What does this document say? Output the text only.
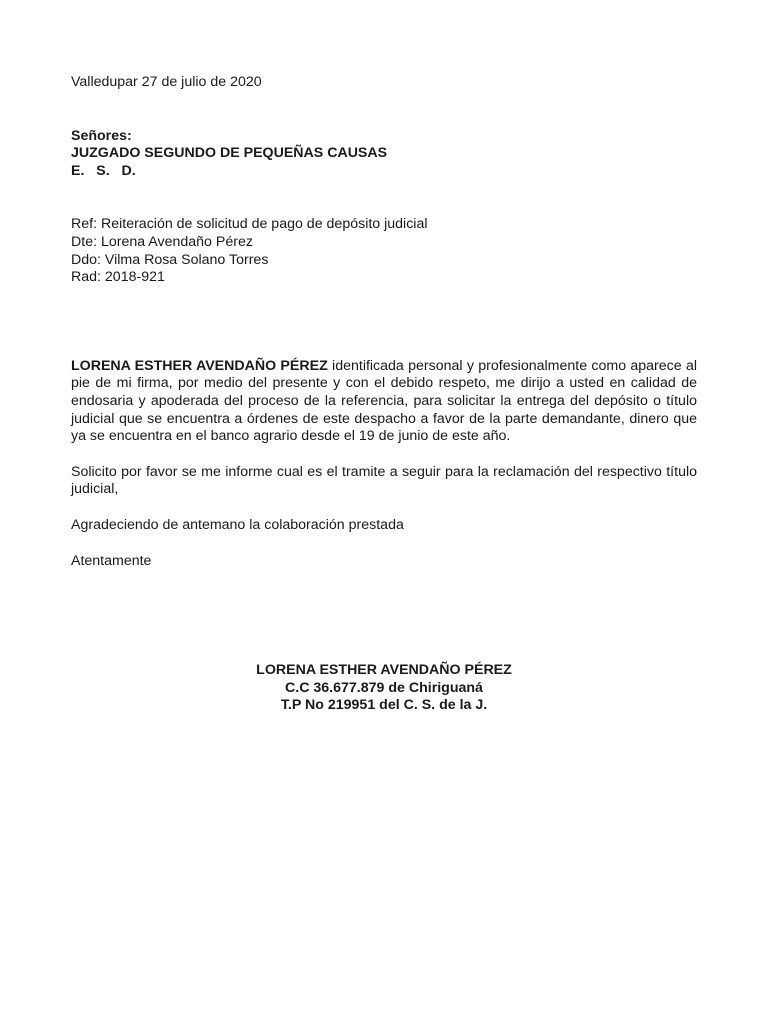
Valledupar 27 de julio de 2020
Señores:
JUZGADO SEGUNDO DE PEQUEÑAS CAUSAS
E.   S.   D.
Ref: Reiteración de solicitud de pago de depósito judicial
Dte: Lorena Avendaño Pérez
Ddo: Vilma Rosa Solano Torres
Rad: 2018-921

LORENA ESTHER AVENDAÑO PÉREZ identificada personal y profesionalmente como aparece al pie de mi firma, por medio del presente y con el debido respeto, me dirijo a usted en calidad de endosaria y apoderada del proceso de la referencia, para solicitar la entrega del depósito o título judicial que se encuentra a órdenes de este despacho a favor de la parte demandante, dinero que ya se encuentra en el banco agrario desde el 19 de junio de este año.

Solicito por favor se me informe cual es el tramite a seguir para la reclamación del respectivo título judicial,

Agradeciendo de antemano la colaboración prestada

Atentamente
LORENA ESTHER AVENDAÑO PÉREZ
C.C 36.677.879 de Chiriguaná
T.P No 219951 del C. S. de la J.
